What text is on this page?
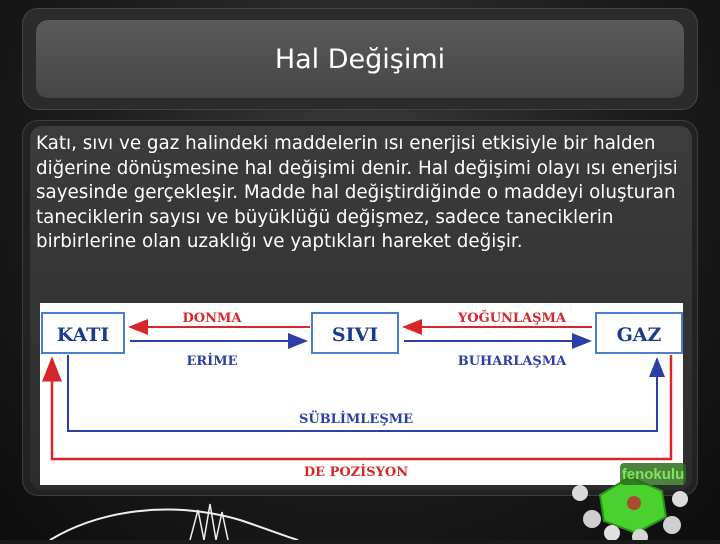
Hal Değişimi
Katı, sıvı ve gaz halindeki maddelerin ısı enerjisi etkisiyle bir halden diğerine dönüşmesine hal değişimi denir. Hal değişimi olayı ısı enerjisi sayesinde gerçekleşir. Madde hal değiştirdiğinde o maddeyi oluşturan taneciklerin sayısı ve büyüklüğü değişmez, sadece taneciklerin birbirlerine olan uzaklığı ve yaptıkları hareket değişir.
KATI	SIVI	GAZ
DONMA
ERİME
YOĞUNLAŞMA
BUHARLAŞMA
SÜBLİMLEŞME
DE POZİSYON	fenokulu
